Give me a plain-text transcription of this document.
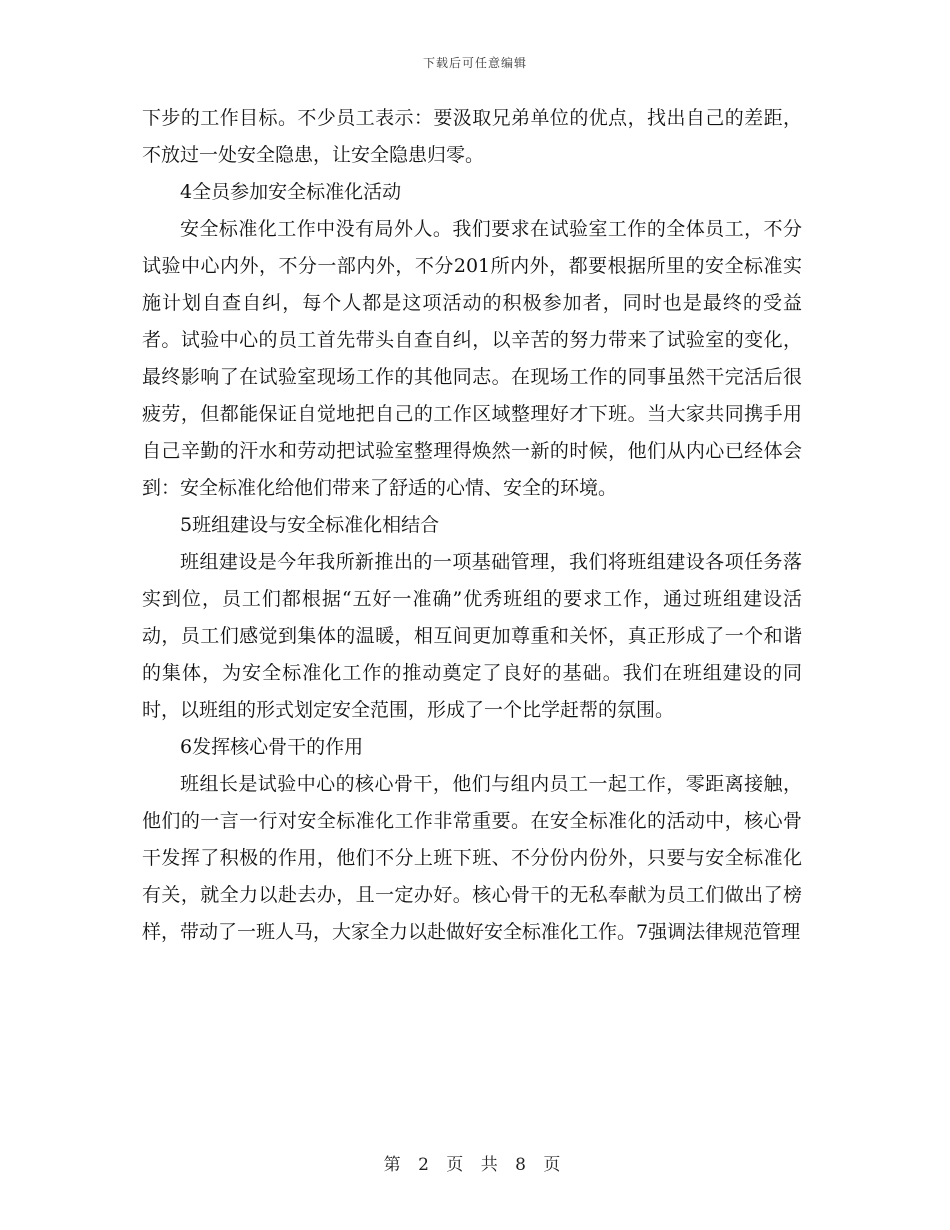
下载后可任意编辑

下步的工作目标。不少员工表示：要汲取兄弟单位的优点，找出自己的差距，不放过一处安全隐患，让安全隐患归零。

4全员参加安全标准化活动

安全标准化工作中没有局外人。我们要求在试验室工作的全体员工，不分试验中心内外，不分一部内外，不分201所内外，都要根据所里的安全标准实施计划自查自纠，每个人都是这项活动的积极参加者，同时也是最终的受益者。试验中心的员工首先带头自查自纠，以辛苦的努力带来了试验室的变化，最终影响了在试验室现场工作的其他同志。在现场工作的同事虽然干完活后很疲劳，但都能保证自觉地把自己的工作区域整理好才下班。当大家共同携手用自己辛勤的汗水和劳动把试验室整理得焕然一新的时候，他们从内心已经体会到：安全标准化给他们带来了舒适的心情、安全的环境。

5班组建设与安全标准化相结合

班组建设是今年我所新推出的一项基础管理，我们将班组建设各项任务落实到位，员工们都根据“五好一准确”优秀班组的要求工作，通过班组建设活动，员工们感觉到集体的温暖，相互间更加尊重和关怀，真正形成了一个和谐的集体，为安全标准化工作的推动奠定了良好的基础。我们在班组建设的同时，以班组的形式划定安全范围，形成了一个比学赶帮的氛围。

6发挥核心骨干的作用

班组长是试验中心的核心骨干，他们与组内员工一起工作，零距离接触，他们的一言一行对安全标准化工作非常重要。在安全标准化的活动中，核心骨干发挥了积极的作用，他们不分上班下班、不分份内份外，只要与安全标准化有关，就全力以赴去办，且一定办好。核心骨干的无私奉献为员工们做出了榜样，带动了一班人马，大家全力以赴做好安全标准化工作。7强调法律规范管理

第 2 页 共 8 页
